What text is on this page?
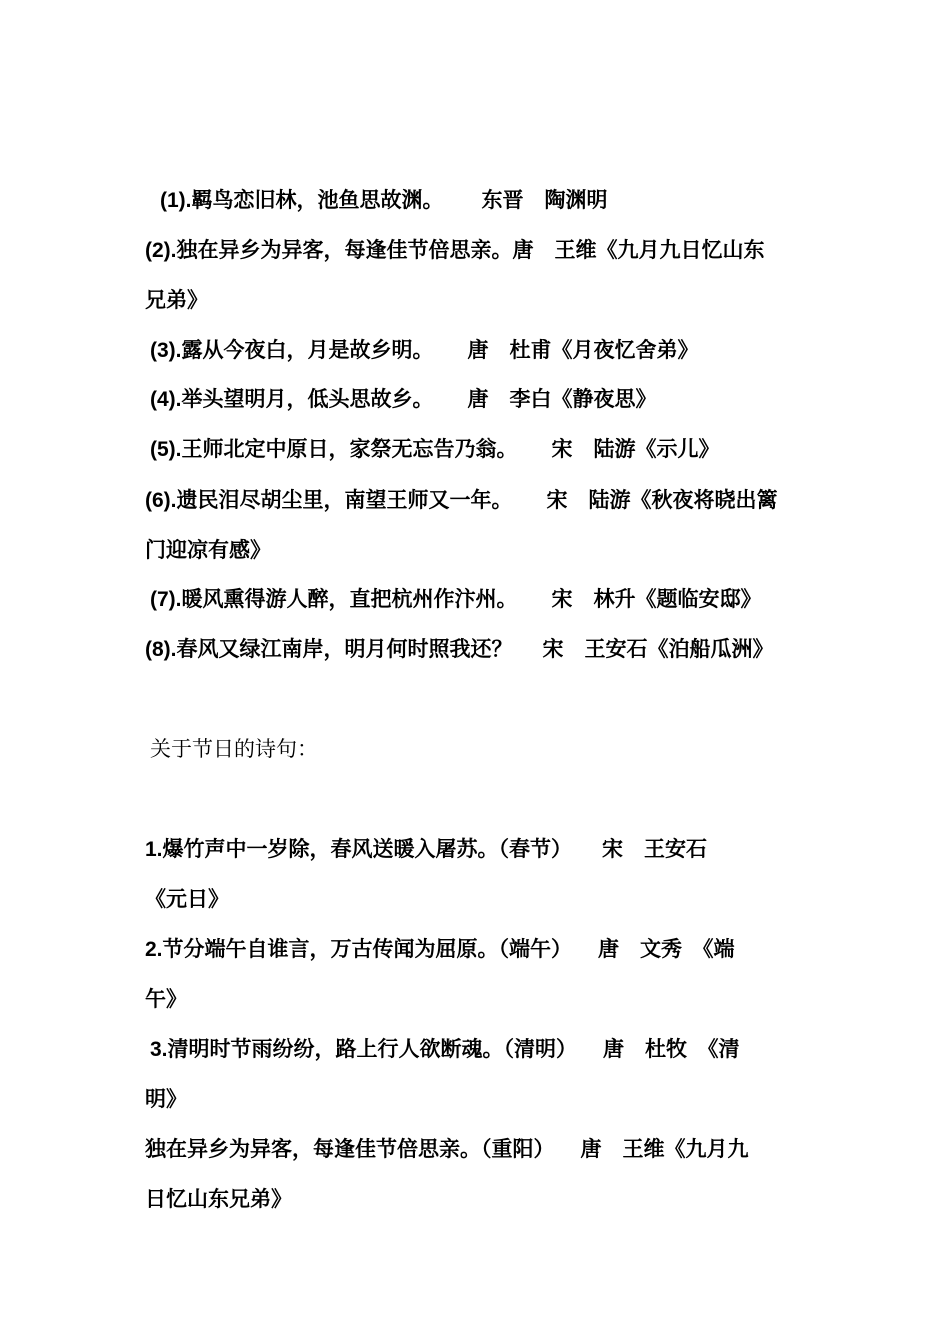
(1).羁鸟恋旧林，池鱼思故渊。 东晋　陶渊明
(2).独在异乡为异客，每逢佳节倍思亲。唐　王维《九月九日忆山东
兄弟》
(3).露从今夜白，月是故乡明。 唐　杜甫《月夜忆舍弟》
(4).举头望明月，低头思故乡。 唐　李白《静夜思》
(5).王师北定中原日，家祭无忘告乃翁。 宋　陆游《示儿》
(6).遗民泪尽胡尘里，南望王师又一年。 宋　陆游《秋夜将晓出篱
门迎凉有感》
(7).暖风熏得游人醉，直把杭州作汴州。 宋　林升《题临安邸》
(8).春风又绿江南岸，明月何时照我还？ 宋　王安石《泊船瓜洲》
关于节日的诗句：
1.爆竹声中一岁除，春风送暖入屠苏。（春节） 宋　王安石
《元日》
2.节分端午自谁言，万古传闻为屈原。（端午） 唐　文秀　《端
午》
3.清明时节雨纷纷，路上行人欲断魂。（清明） 唐　杜牧　《清
明》
独在异乡为异客，每逢佳节倍思亲。（重阳） 唐　王维《九月九
日忆山东兄弟》
